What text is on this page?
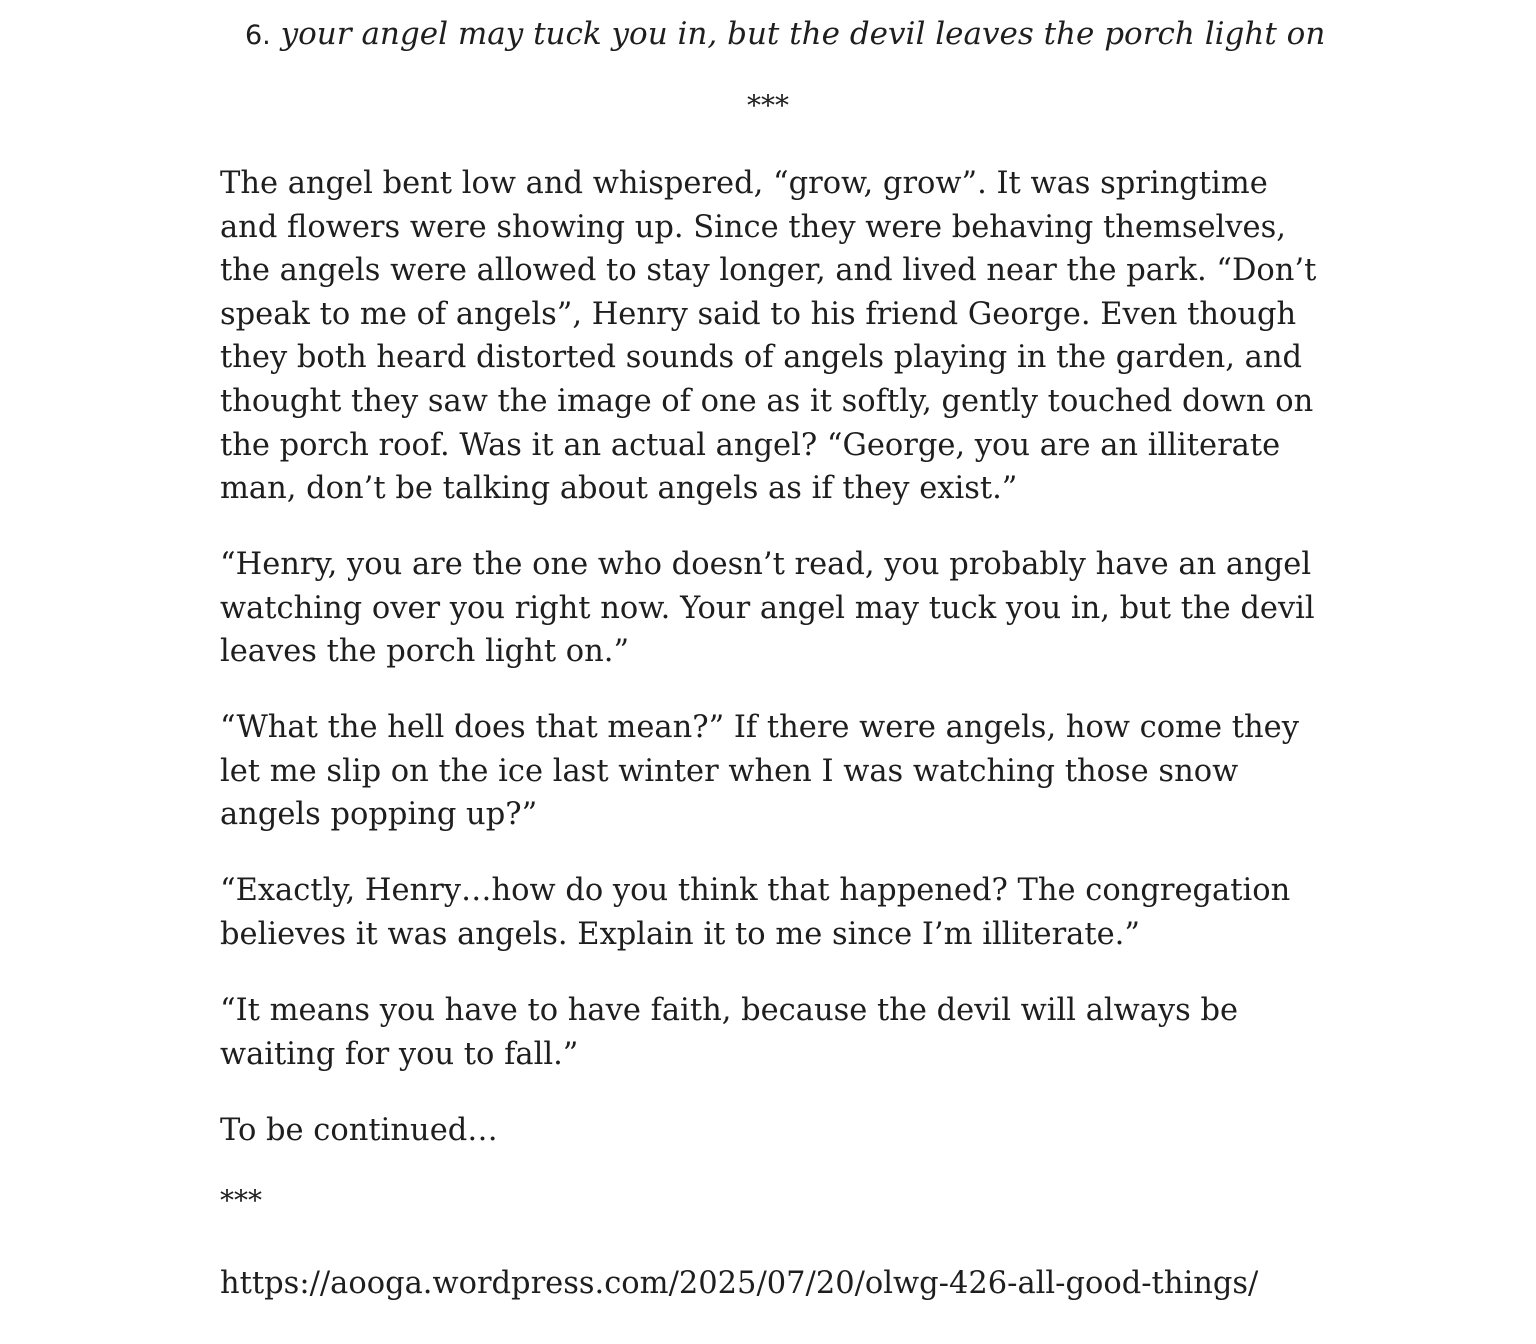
6. your angel may tuck you in, but the devil leaves the porch light on
***

The angel bent low and whispered, “grow, grow”. It was springtime and flowers were showing up. Since they were behaving themselves, the angels were allowed to stay longer, and lived near the park. “Don’t speak to me of angels”, Henry said to his friend George. Even though they both heard distorted sounds of angels playing in the garden, and thought they saw the image of one as it softly, gently touched down on the porch roof. Was it an actual angel? “George, you are an illiterate man, don’t be talking about angels as if they exist.”

“Henry, you are the one who doesn’t read, you probably have an angel watching over you right now. Your angel may tuck you in, but the devil leaves the porch light on.”

“What the hell does that mean?” If there were angels, how come they let me slip on the ice last winter when I was watching those snow angels popping up?”

“Exactly, Henry…how do you think that happened? The congregation believes it was angels. Explain it to me since I’m illiterate.”

“It means you have to have faith, because the devil will always be waiting for you to fall.”

To be continued…

***
https://aooga.wordpress.com/2025/07/20/olwg-426-all-good-things/
